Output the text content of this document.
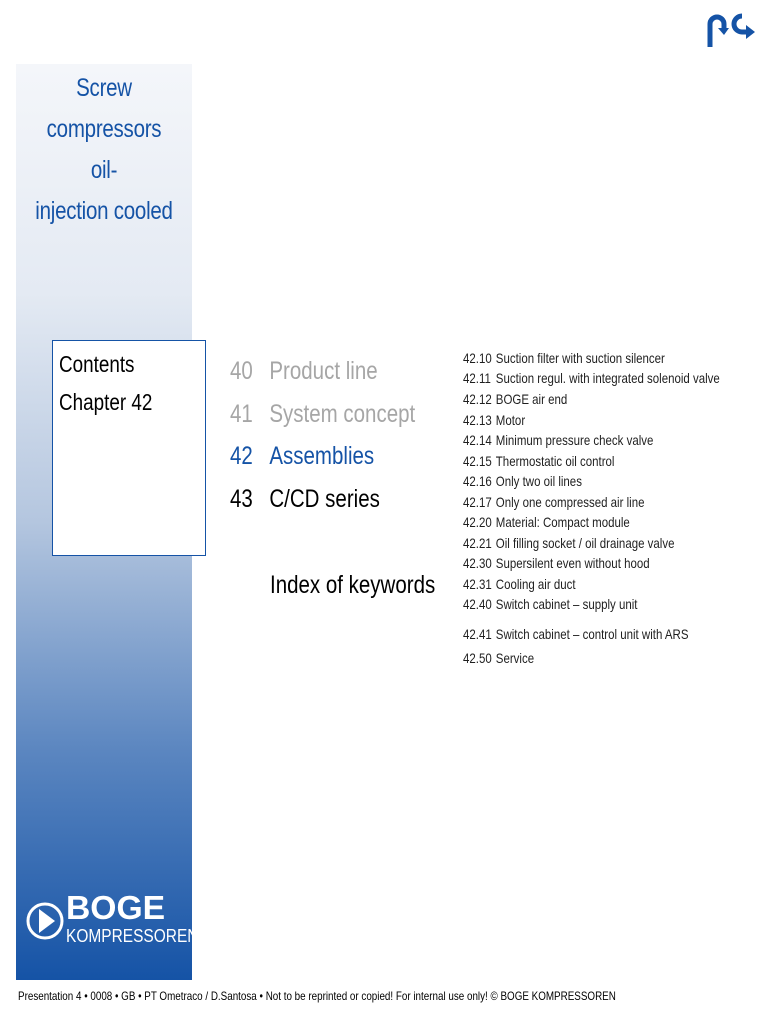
Screw
compressors oil-
injection cooled
Contents
Chapter 42
40 Product line
41 System concept
42 Assemblies
43 C/CD series
Index of keywords
42.10 Suction filter with suction silencer
42.11 Suction regul. with integrated solenoid valve
42.12 BOGE air end
42.13 Motor
42.14 Minimum pressure check valve
42.15 Thermostatic oil control
42.16 Only two oil lines
42.17 Only one compressed air line
42.20 Material: Compact module
42.21 Oil filling socket / oil drainage valve
42.30 Supersilent even without hood
42.31 Cooling air duct
42.40 Switch cabinet – supply unit
42.41 Switch cabinet – control unit with ARS
42.50 Service
BOGE
KOMPRESSOREN
Presentation 4 • 0008 • GB • PT Ometraco / D.Santosa • Not to be reprinted or copied! For internal use only! © BOGE KOMPRESSOREN
